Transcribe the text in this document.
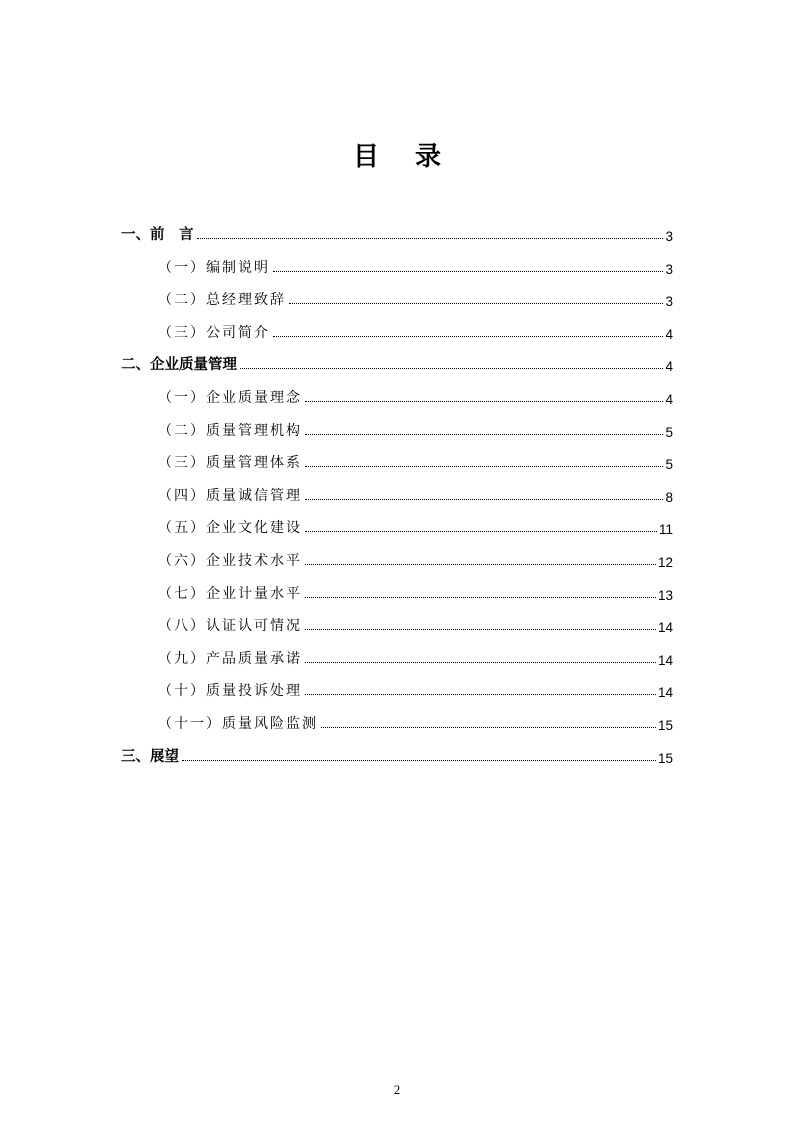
目 录
一、前　言	3
（一）编制说明	3
（二）总经理致辞	3
（三）公司简介	4
二、企业质量管理	4
（一）企业质量理念	4
（二）质量管理机构	5
（三）质量管理体系	5
（四）质量诚信管理	8
（五）企业文化建设	11
（六）企业技术水平	12
（七）企业计量水平	13
（八）认证认可情况	14
（九）产品质量承诺	14
（十）质量投诉处理	14
（十一）质量风险监测	15
三、展望	15
2
